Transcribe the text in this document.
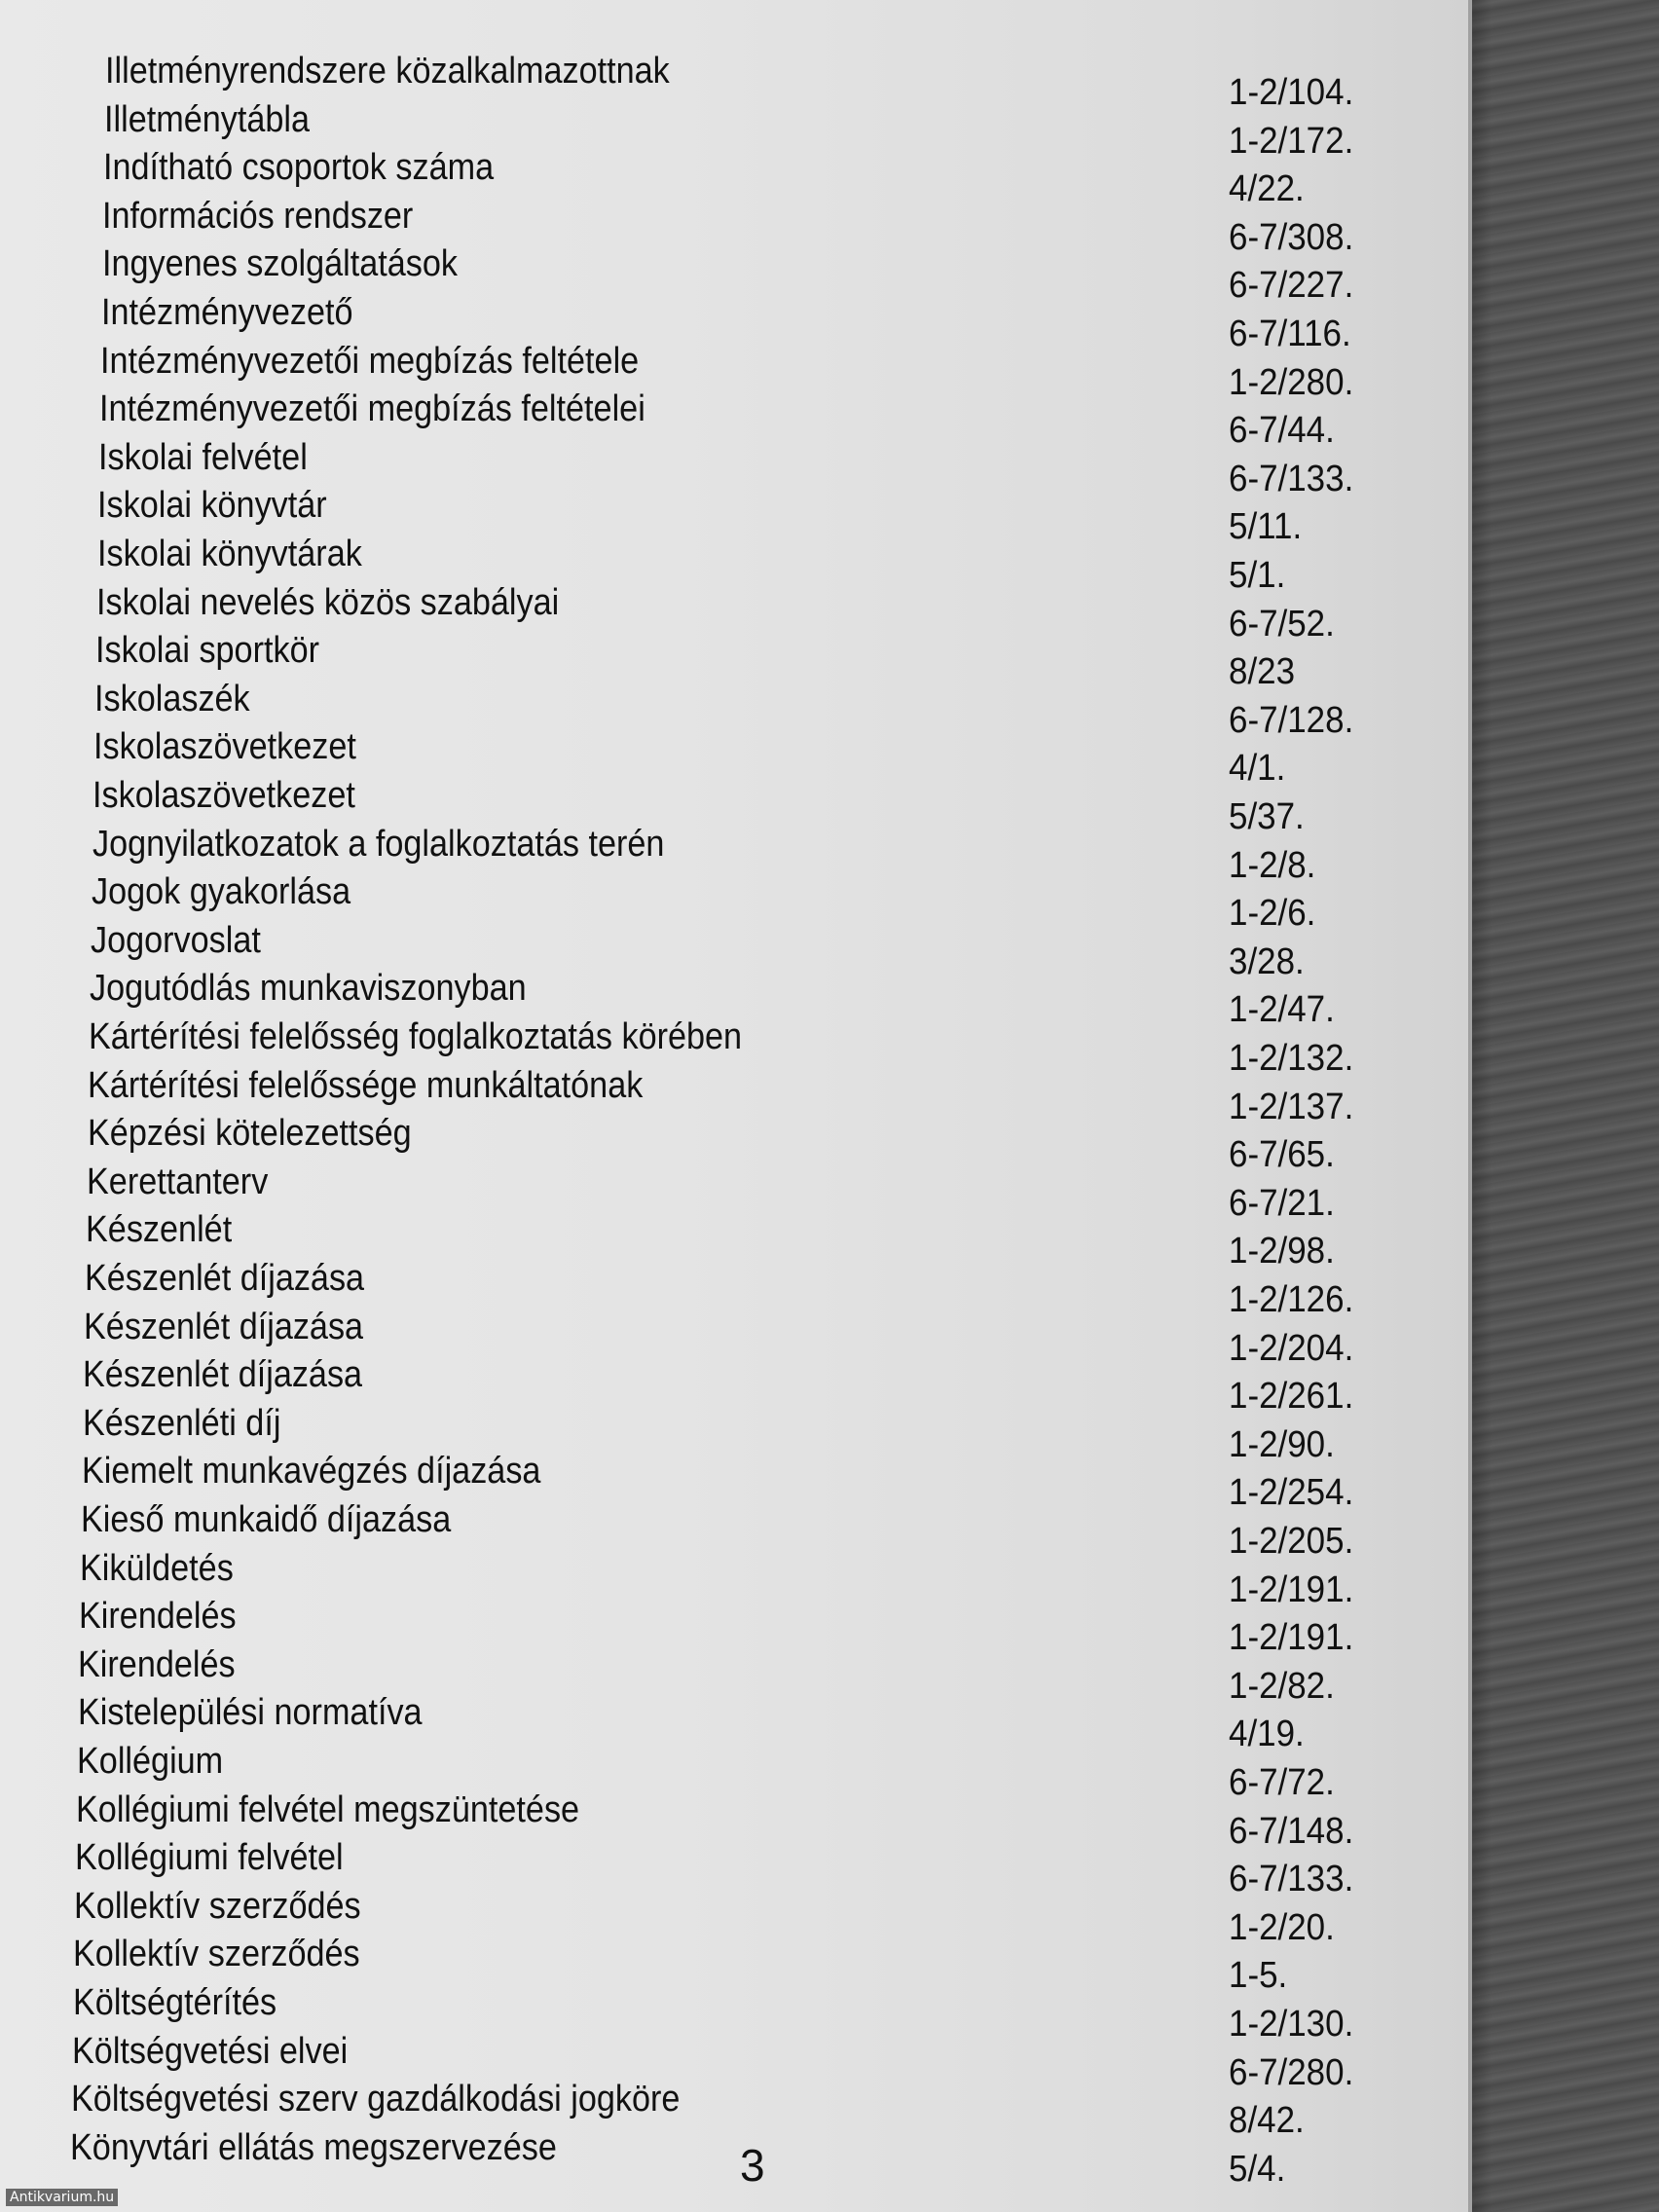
Illetményrendszere közalkalmazottnak
1-2/104.
Illetménytábla
1-2/172.
Indítható csoportok száma
4/22.
Információs rendszer
6-7/308.
Ingyenes szolgáltatások
6-7/227.
Intézményvezető
6-7/116.
Intézményvezetői megbízás feltétele
1-2/280.
Intézményvezetői megbízás feltételei
6-7/44.
Iskolai felvétel
6-7/133.
Iskolai könyvtár
5/11.
Iskolai könyvtárak
5/1.
Iskolai nevelés közös szabályai
6-7/52.
Iskolai sportkör
8/23
Iskolaszék
6-7/128.
Iskolaszövetkezet
4/1.
Iskolaszövetkezet
5/37.
Jognyilatkozatok a foglalkoztatás terén
1-2/8.
Jogok gyakorlása
1-2/6.
Jogorvoslat
3/28.
Jogutódlás munkaviszonyban
1-2/47.
Kártérítési felelősség foglalkoztatás körében
1-2/132.
Kártérítési felelőssége munkáltatónak
1-2/137.
Képzési kötelezettség
6-7/65.
Kerettanterv
6-7/21.
Készenlét
1-2/98.
Készenlét díjazása
1-2/126.
Készenlét díjazása
1-2/204.
Készenlét díjazása
1-2/261.
Készenléti díj
1-2/90.
Kiemelt munkavégzés díjazása
1-2/254.
Kieső munkaidő díjazása
1-2/205.
Kiküldetés
1-2/191.
Kirendelés
1-2/191.
Kirendelés
1-2/82.
Kistelepülési normatíva
4/19.
Kollégium
6-7/72.
Kollégiumi felvétel megszüntetése
6-7/148.
Kollégiumi felvétel
6-7/133.
Kollektív szerződés
1-2/20.
Kollektív szerződés
1-5.
Költségtérítés
1-2/130.
Költségvetési elvei
6-7/280.
Költségvetési szerv gazdálkodási jogköre
8/42.
Könyvtári ellátás megszervezése
5/4.
3
Antikvarium.hu
